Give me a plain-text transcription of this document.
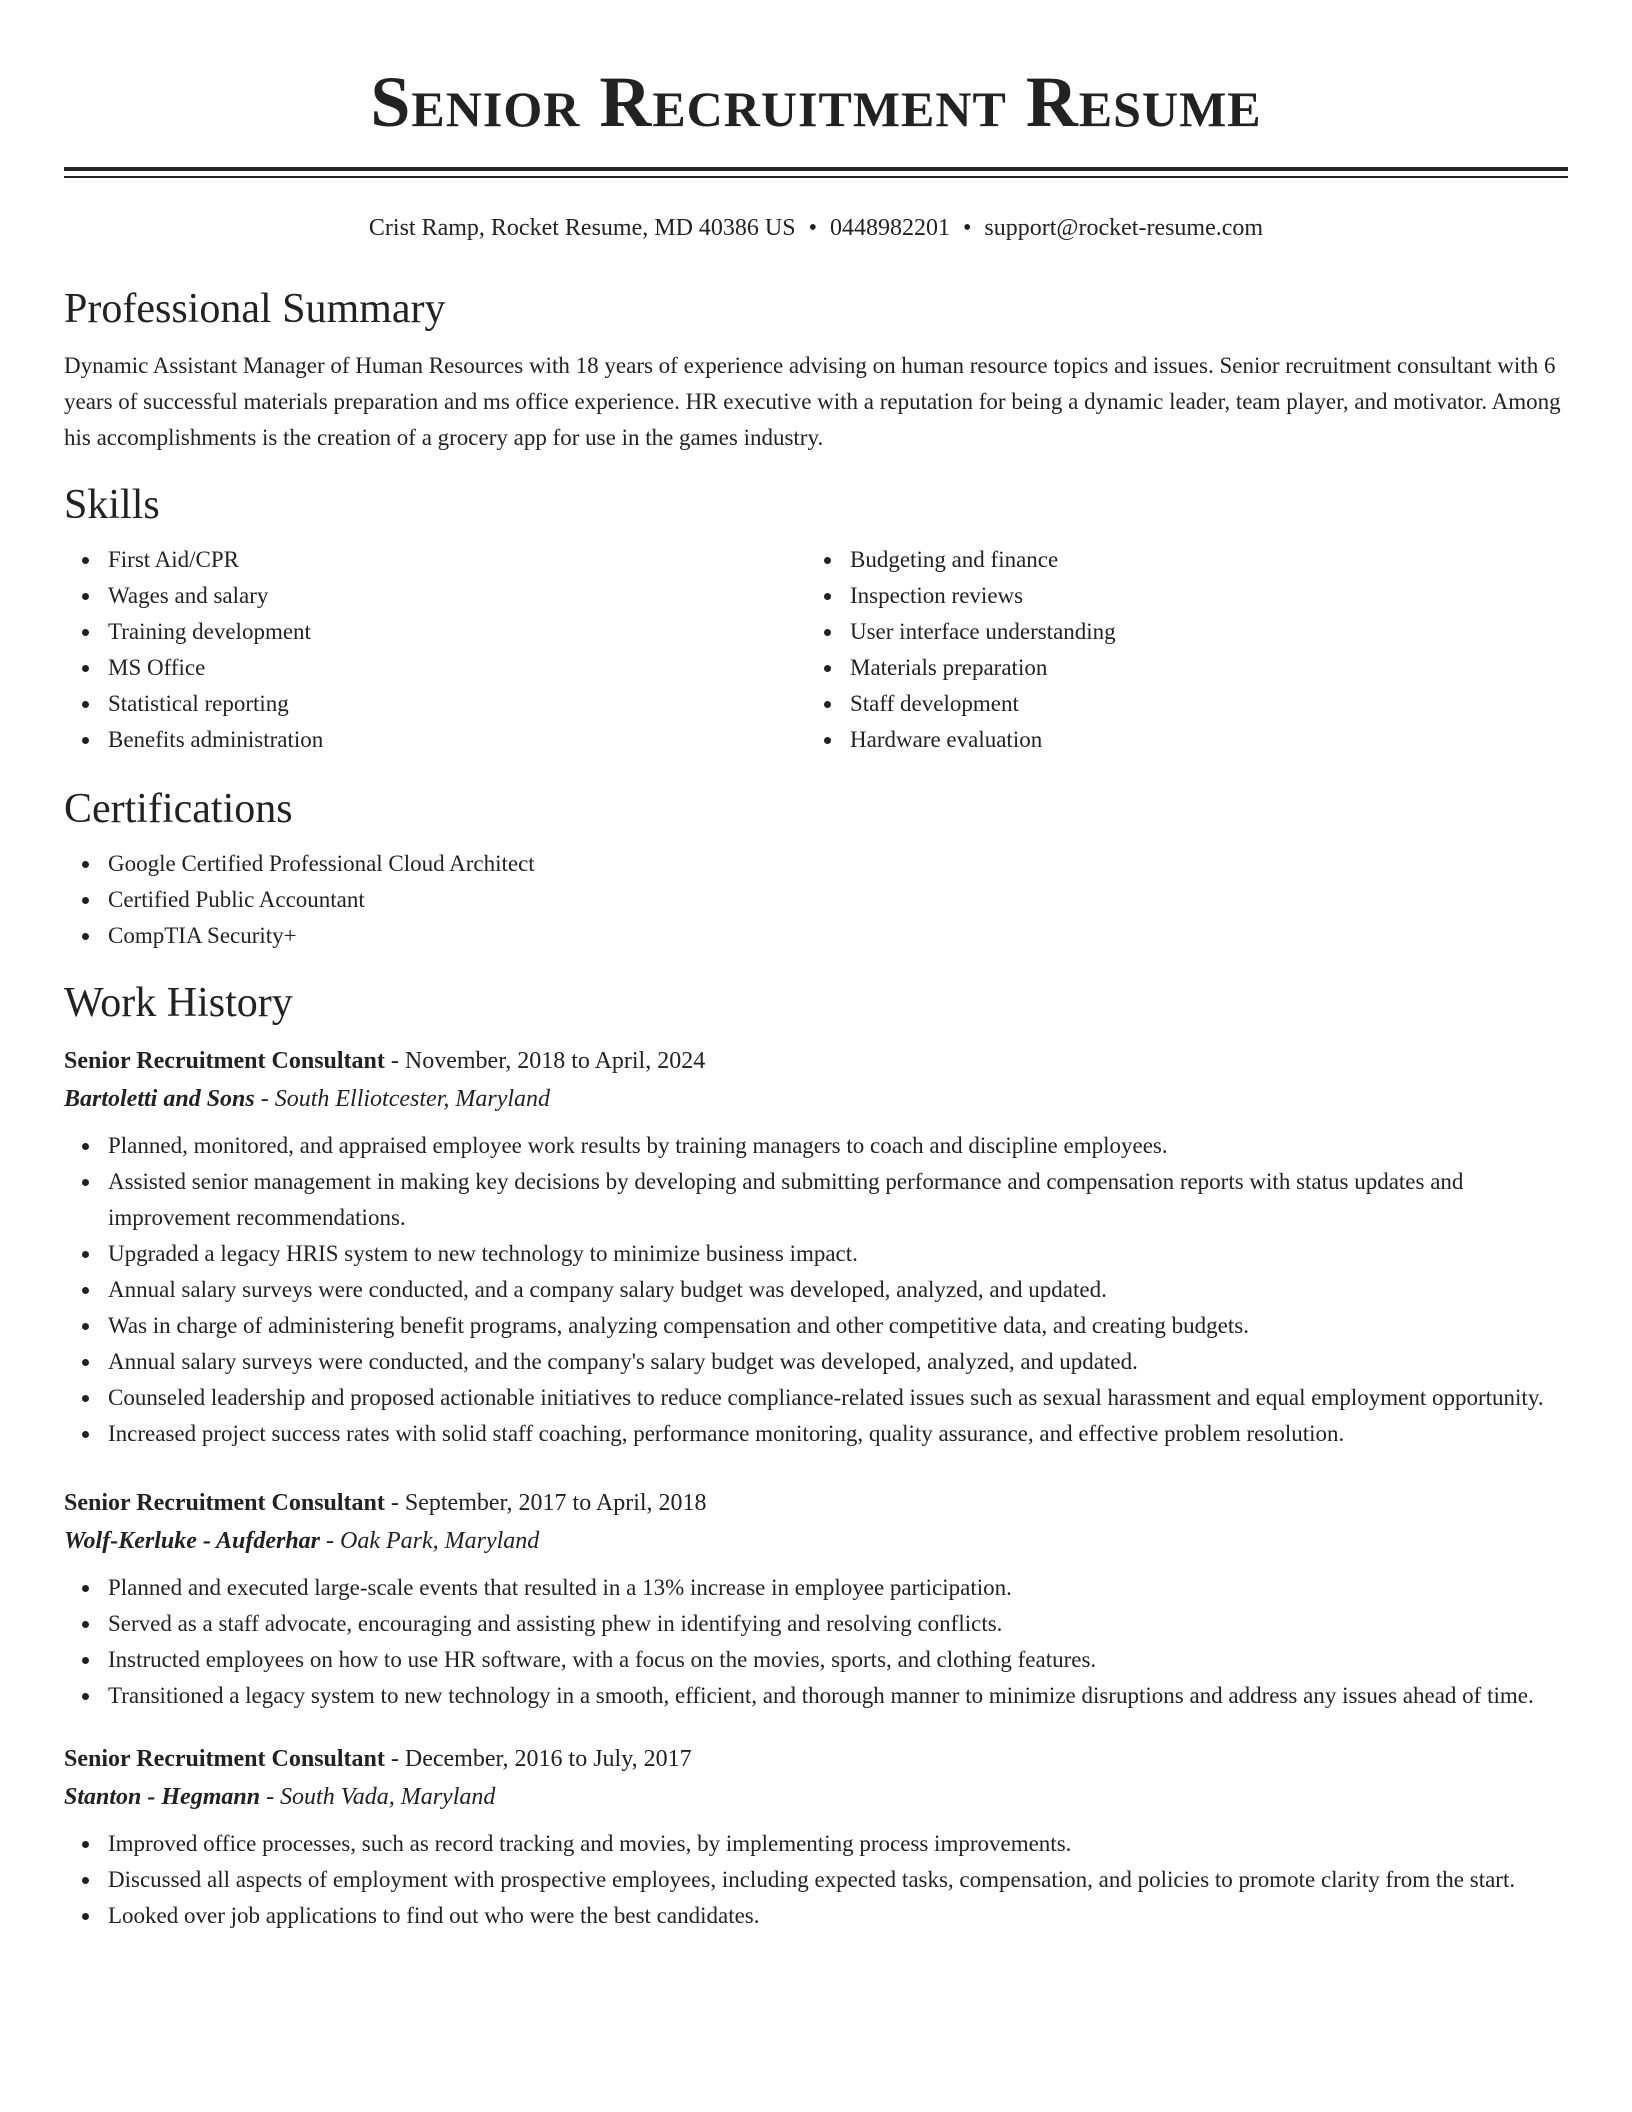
Senior Recruitment Resume
Crist Ramp, Rocket Resume, MD 40386 US • 0448982201 • support@rocket-resume.com
Professional Summary

Dynamic Assistant Manager of Human Resources with 18 years of experience advising on human resource topics and issues. Senior recruitment consultant with 6 years of successful materials preparation and ms office experience. HR executive with a reputation for being a dynamic leader, team player, and motivator. Among his accomplishments is the creation of a grocery app for use in the games industry.

Skills
First Aid/CPR
Wages and salary
Training development
MS Office
Statistical reporting
Benefits administration
Budgeting and finance
Inspection reviews
User interface understanding
Materials preparation
Staff development
Hardware evaluation
Certifications
Google Certified Professional Cloud Architect
Certified Public Accountant
CompTIA Security+
Work History
Senior Recruitment Consultant - November, 2018 to April, 2024
Bartoletti and Sons - South Elliotcester, Maryland
Planned, monitored, and appraised employee work results by training managers to coach and discipline employees.
Assisted senior management in making key decisions by developing and submitting performance and compensation reports with status updates and improvement recommendations.
Upgraded a legacy HRIS system to new technology to minimize business impact.
Annual salary surveys were conducted, and a company salary budget was developed, analyzed, and updated.
Was in charge of administering benefit programs, analyzing compensation and other competitive data, and creating budgets.
Annual salary surveys were conducted, and the company's salary budget was developed, analyzed, and updated.
Counseled leadership and proposed actionable initiatives to reduce compliance-related issues such as sexual harassment and equal employment opportunity.
Increased project success rates with solid staff coaching, performance monitoring, quality assurance, and effective problem resolution.
Senior Recruitment Consultant - September, 2017 to April, 2018
Wolf-Kerluke - Aufderhar - Oak Park, Maryland
Planned and executed large-scale events that resulted in a 13% increase in employee participation.
Served as a staff advocate, encouraging and assisting phew in identifying and resolving conflicts.
Instructed employees on how to use HR software, with a focus on the movies, sports, and clothing features.
Transitioned a legacy system to new technology in a smooth, efficient, and thorough manner to minimize disruptions and address any issues ahead of time.
Senior Recruitment Consultant - December, 2016 to July, 2017
Stanton - Hegmann - South Vada, Maryland
Improved office processes, such as record tracking and movies, by implementing process improvements.
Discussed all aspects of employment with prospective employees, including expected tasks, compensation, and policies to promote clarity from the start.
Looked over job applications to find out ​​who were ​​the best candidates.
